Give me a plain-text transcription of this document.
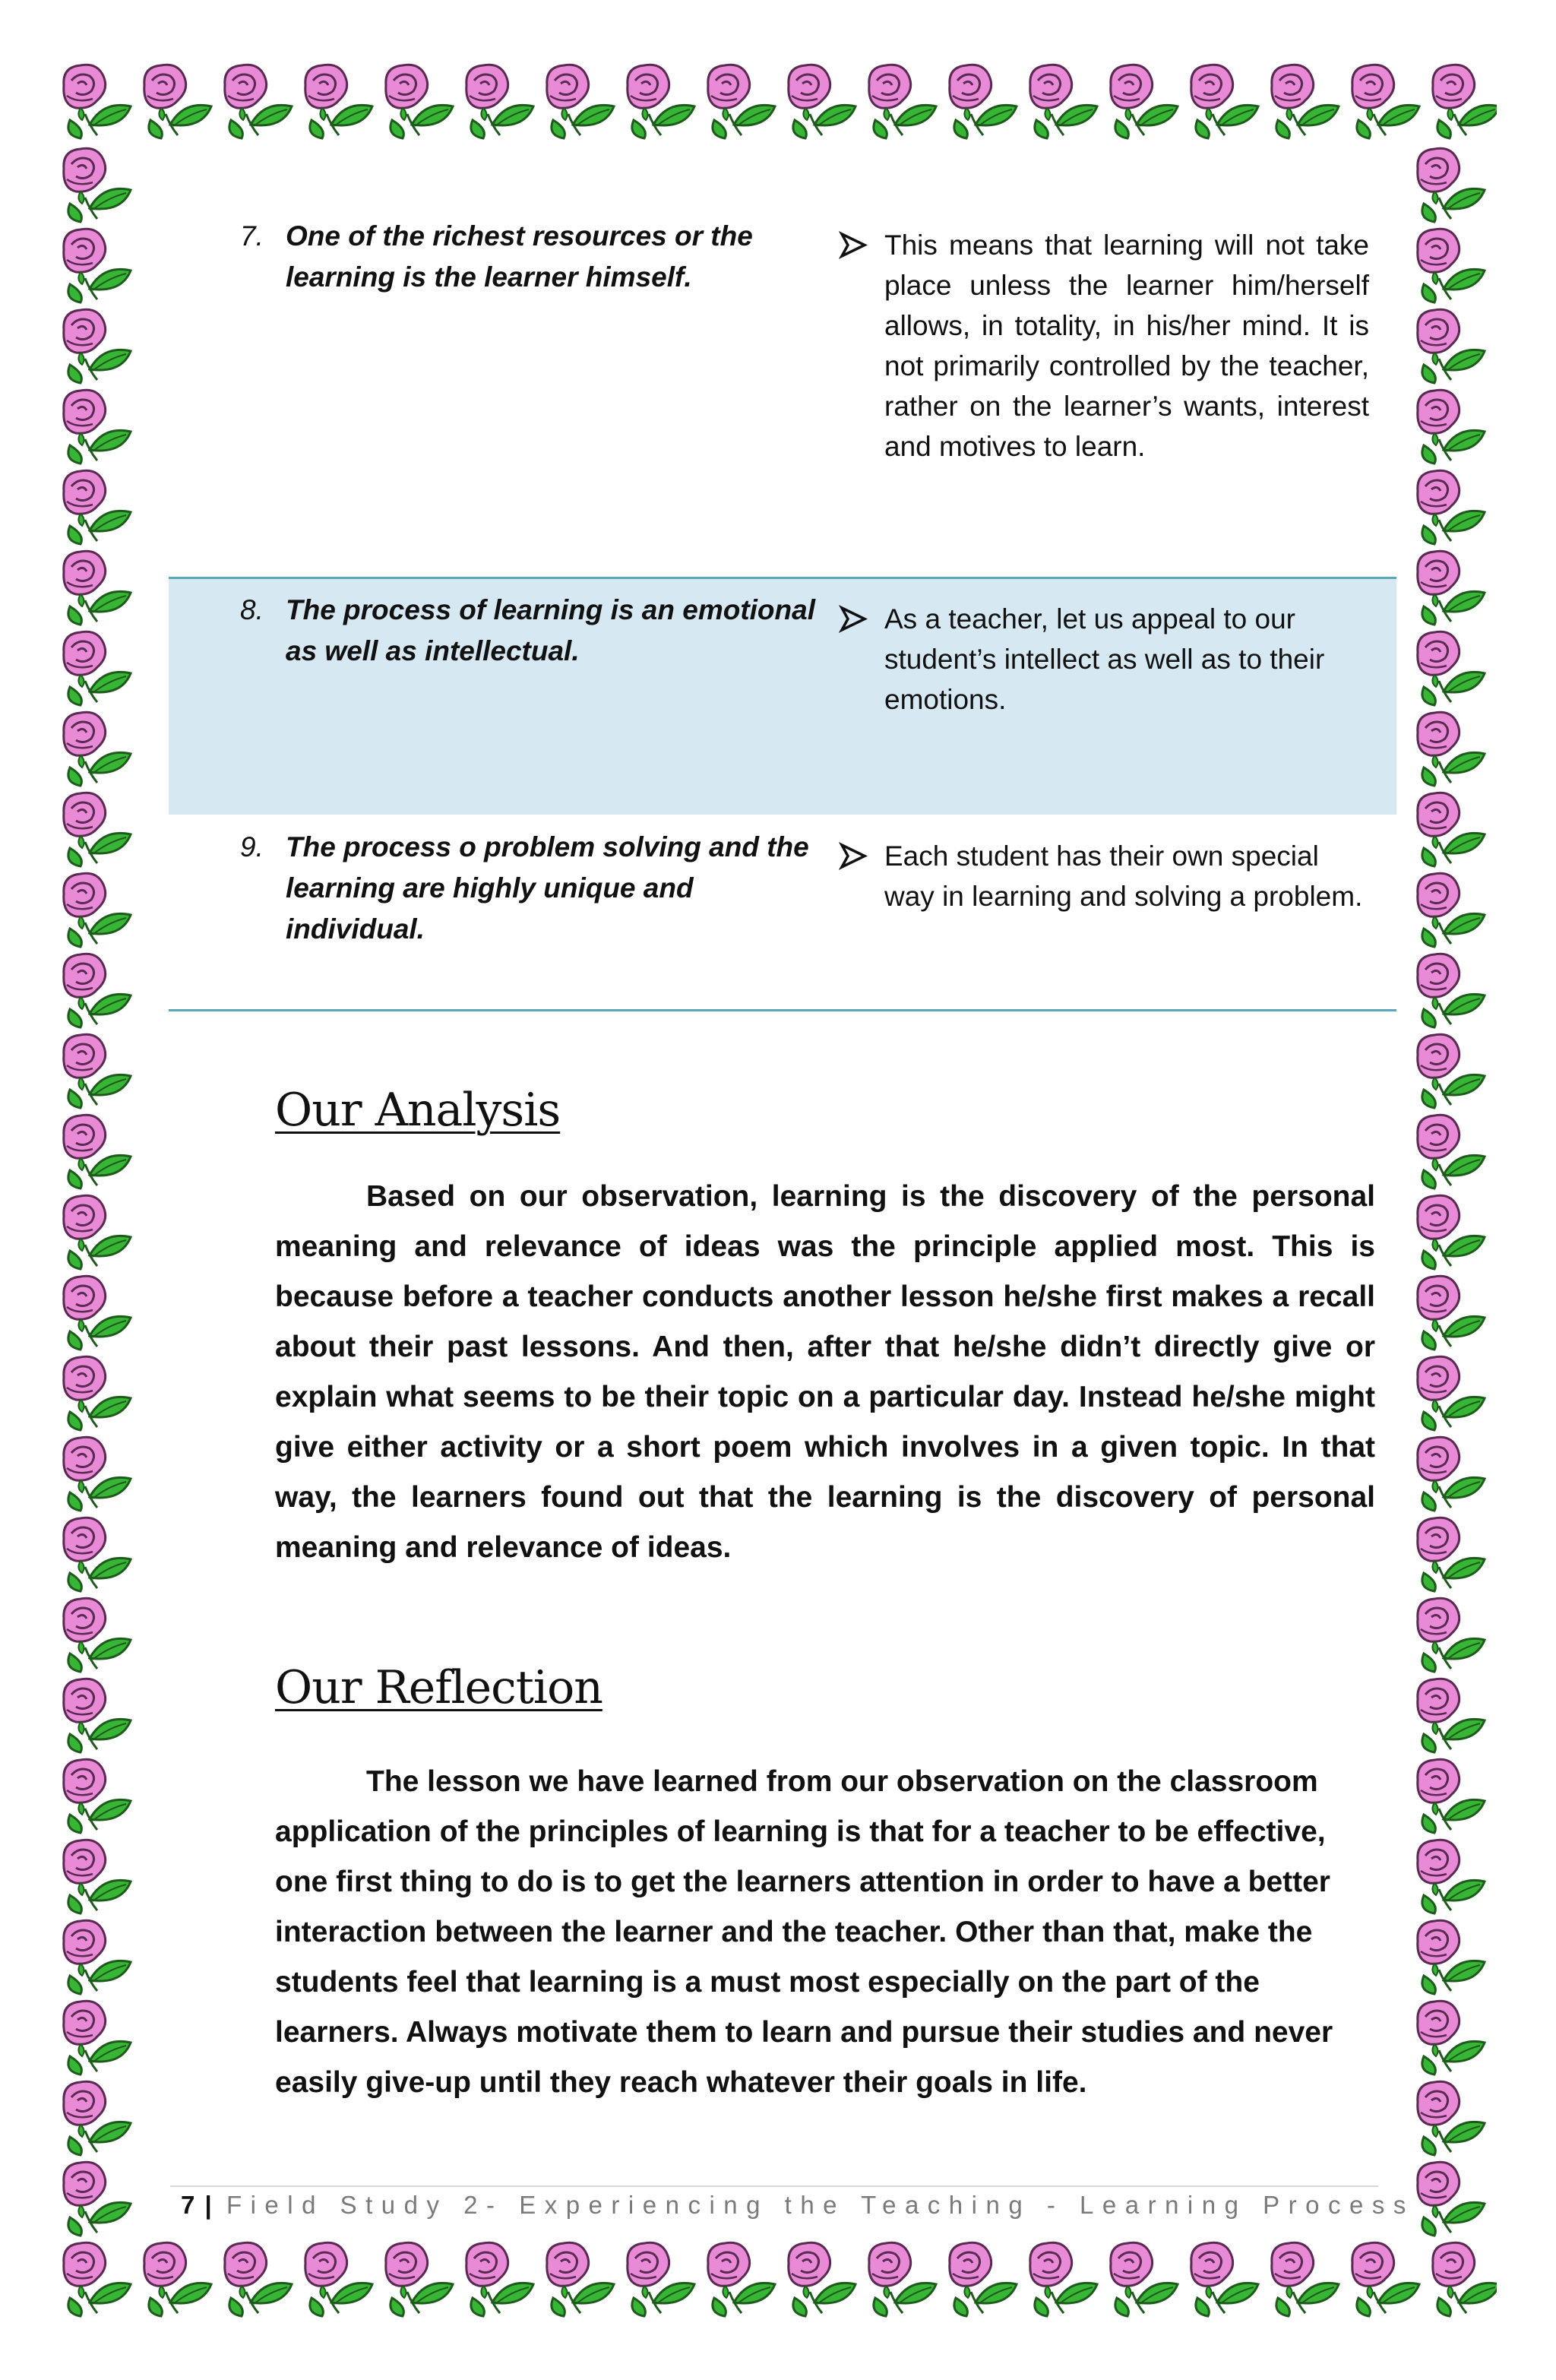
7. One of the richest resources or the learning is the learner himself.
This means that learning will not take place unless the learner him/herself allows, in totality, in his/her mind. It is not primarily controlled by the teacher, rather on the learner’s wants, interest and motives to learn.
8. The process of learning is an emotional as well as intellectual.
As a teacher, let us appeal to our student’s intellect as well as to their emotions.
9. The process o problem solving and the learning are highly unique and individual.
Each student has their own special way in learning and solving a problem.
Our Analysis

Based on our observation, learning is the discovery of the personal meaning and relevance of ideas was the principle applied most. This is because before a teacher conducts another lesson he/she first makes a recall about their past lessons. And then, after that he/she didn’t directly give or explain what seems to be their topic on a particular day. Instead he/she might give either activity or a short poem which involves in a given topic. In that way, the learners found out that the learning is the discovery of personal meaning and relevance of ideas.

Our Reflection

The lesson we have learned from our observation on the classroom application of the principles of learning is that for a teacher to be effective, one first thing to do is to get the learners attention in order to have a better interaction between the learner and the teacher. Other than that, make the students feel that learning is a must most especially on the part of the learners. Always motivate them to learn and pursue their studies and never easily give-up until they reach whatever their goals in life.

7 | Field Study 2- Experiencing the Teaching - Learning Process
